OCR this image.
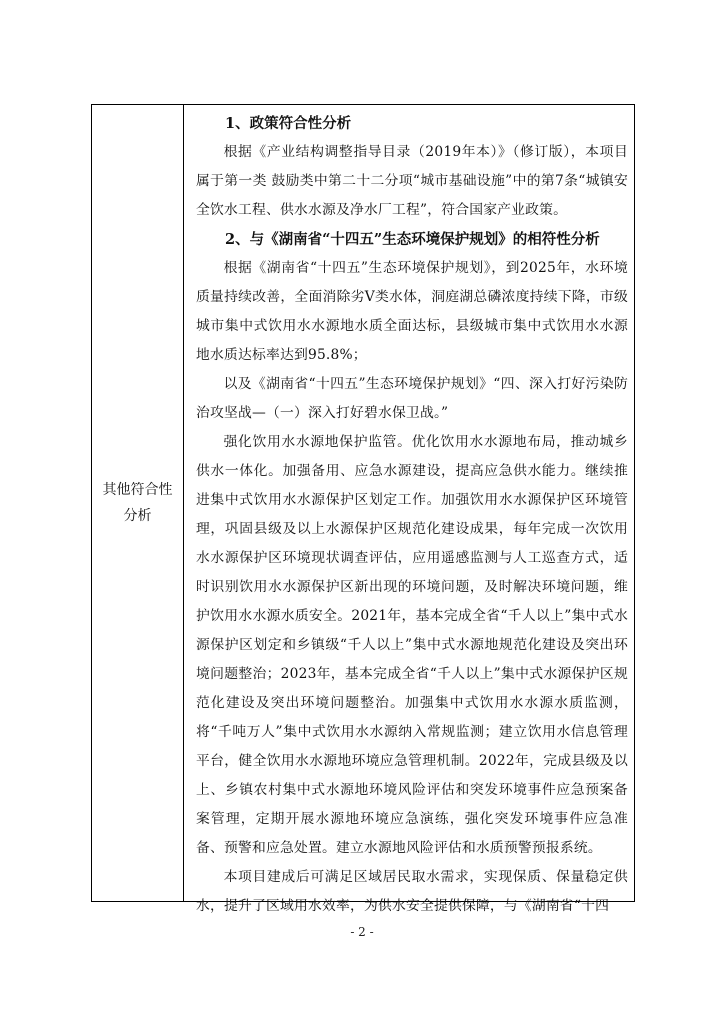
其他符合性分析

1、政策符合性分析

根据《产业结构调整指导目录（2019年本）》（修订版），本项目属于第一类 鼓励类中第二十二分项“城市基础设施”中的第7条“城镇安全饮水工程、供水水源及净水厂工程”，符合国家产业政策。

2、与《湖南省“十四五”生态环境保护规划》的相符性分析

根据《湖南省“十四五”生态环境保护规划》，到2025年，水环境质量持续改善，全面消除劣Ⅴ类水体，洞庭湖总磷浓度持续下降，市级城市集中式饮用水水源地水质全面达标，县级城市集中式饮用水水源地水质达标率达到95.8%；

以及《湖南省“十四五”生态环境保护规划》“四、深入打好污染防治攻坚战—（一）深入打好碧水保卫战。”

强化饮用水水源地保护监管。优化饮用水水源地布局，推动城乡供水一体化。加强备用、应急水源建设，提高应急供水能力。继续推进集中式饮用水水源保护区划定工作。加强饮用水水源保护区环境管理，巩固县级及以上水源保护区规范化建设成果，每年完成一次饮用水水源保护区环境现状调查评估，应用遥感监测与人工巡查方式，适时识别饮用水水源保护区新出现的环境问题，及时解决环境问题，维护饮用水水源水质安全。2021年，基本完成全省“千人以上”集中式水源保护区划定和乡镇级“千人以上”集中式水源地规范化建设及突出环境问题整治；2023年，基本完成全省“千人以上”集中式水源保护区规范化建设及突出环境问题整治。加强集中式饮用水水源水质监测，将“千吨万人”集中式饮用水水源纳入常规监测；建立饮用水信息管理平台，健全饮用水水源地环境应急管理机制。2022年，完成县级及以上、乡镇农村集中式水源地环境风险评估和突发环境事件应急预案备案管理，定期开展水源地环境应急演练，强化突发环境事件应急准备、预警和应急处置。建立水源地风险评估和水质预警预报系统。

本项目建成后可满足区域居民取水需求，实现保质、保量稳定供水，提升了区域用水效率，为供水安全提供保障，与《湖南省“十四

- 2 -
